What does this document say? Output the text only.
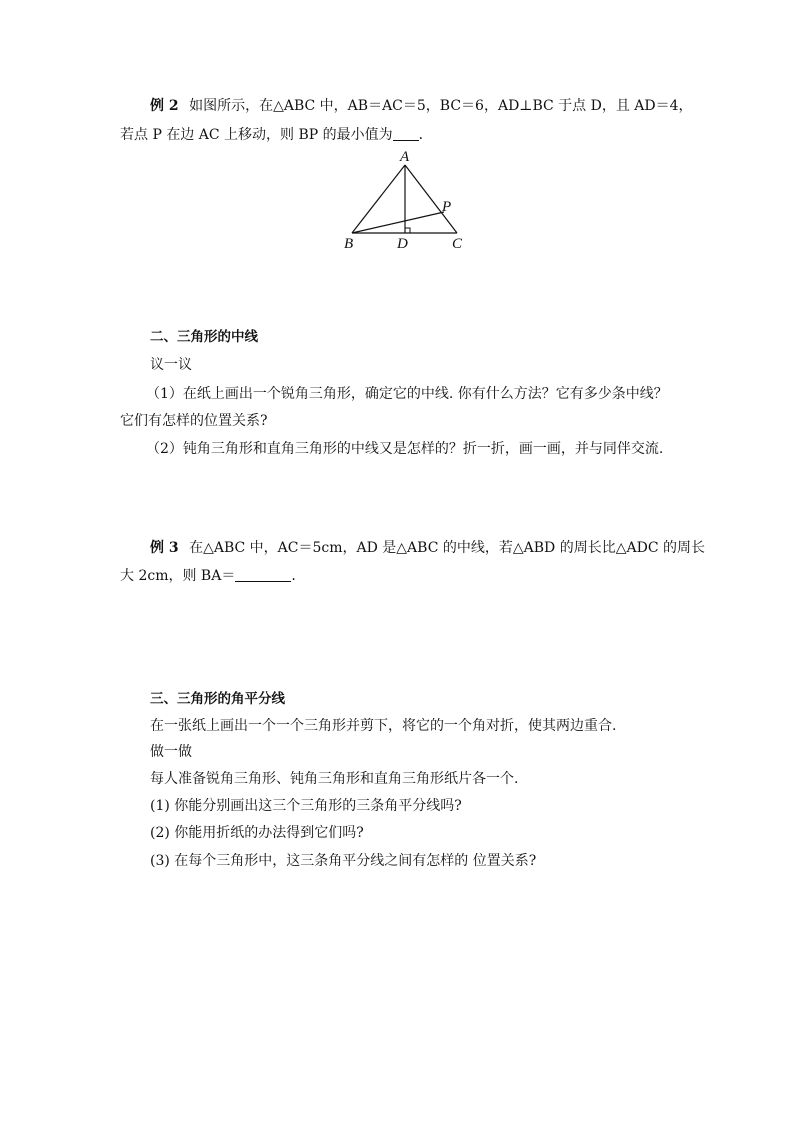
例 2 如图所示，在△ABC 中，AB＝AC＝5，BC＝6，AD⊥BC 于点 D，且 AD＝4，
若点 P 在边 AC 上移动，则 BP 的最小值为 ．
A
B	D	C
P
二、三角形的中线
议一议
（1）在纸上画出一个锐角三角形，确定它的中线. 你有什么方法？它有多少条中线？
它们有怎样的位置关系?
（2）钝角三角形和直角三角形的中线又是怎样的？折一折，画一画，并与同伴交流.
例 3 在△ABC 中，AC＝5cm，AD 是△ABC 的中线，若△ABD 的周长比△ADC 的周长
大 2cm，则 BA＝	.
三、三角形的角平分线
在一张纸上画出一个一个三角形并剪下，将它的一个角对折，使其两边重合.
做一做
每人准备锐角三角形、钝角三角形和直角三角形纸片各一个.
(1) 你能分别画出这三个三角形的三条角平分线吗?
(2) 你能用折纸的办法得到它们吗?
(3) 在每个三角形中，这三条角平分线之间有怎样的 位置关系?
